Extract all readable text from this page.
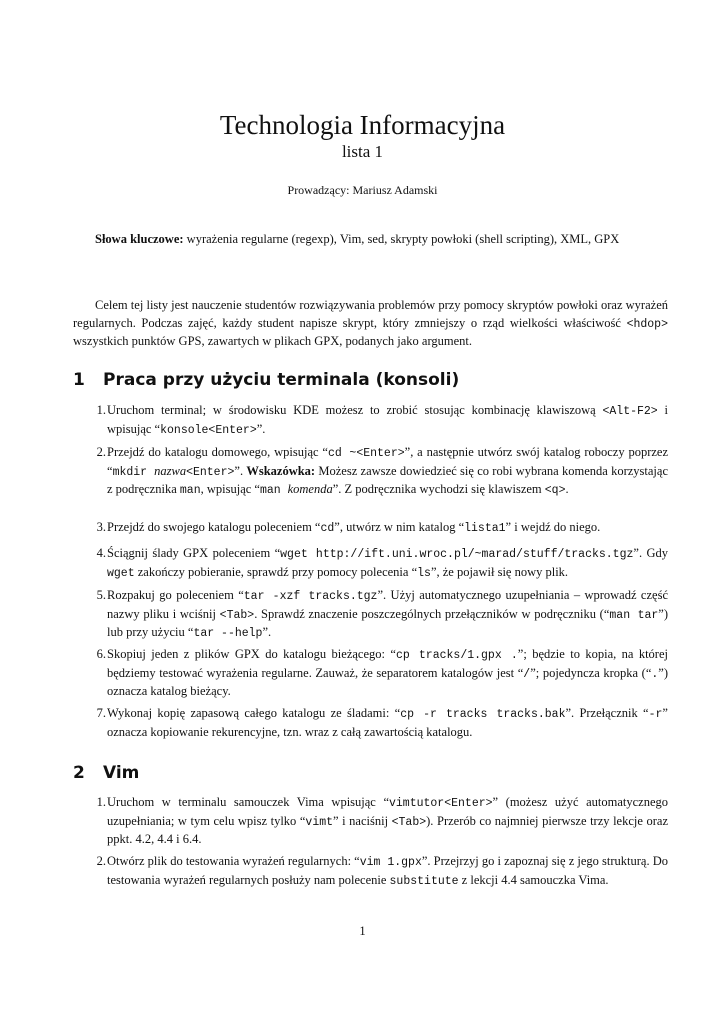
Technologia Informacyjna
lista 1
Prowadzący: Mariusz Adamski

Słowa kluczowe: wyrażenia regularne (regexp), Vim, sed, skrypty powłoki (shell scripting), XML, GPX

Celem tej listy jest nauczenie studentów rozwiązywania problemów przy pomocy skryptów powłoki oraz wyrażeń regularnych. Podczas zajęć, każdy student napisze skrypt, który zmniejszy o rząd wielkości właściwość <hdop> wszystkich punktów GPS, zawartych w plikach GPX, podanych jako argument.

1 Praca przy użyciu terminala (konsoli)
1. Uruchom terminal; w środowisku KDE możesz to zrobić stosując kombinację klawiszową <Alt-F2> i wpisując “konsole<Enter>”.
2. Przejdź do katalogu domowego, wpisując “cd ~<Enter>”, a następnie utwórz swój katalog roboczy poprzez “mkdir nazwa<Enter>”. Wskazówka: Możesz zawsze dowiedzieć się co robi wybrana komenda korzystając z podręcznika man, wpisując “man komenda”. Z podręcznika wychodzi się klawiszem <q>.
3. Przejdź do swojego katalogu poleceniem “cd”, utwórz w nim katalog “lista1” i wejdź do niego.
4. Ściągnij ślady GPX poleceniem “wget http://ift.uni.wroc.pl/~marad/stuff/tracks.tgz”. Gdy wget zakończy pobieranie, sprawdź przy pomocy polecenia “ls”, że pojawił się nowy plik.
5. Rozpakuj go poleceniem “tar -xzf tracks.tgz”. Użyj automatycznego uzupełniania – wprowadź część nazwy pliku i wciśnij <Tab>. Sprawdź znaczenie poszczególnych przełączników w podręczniku (“man tar”) lub przy użyciu “tar --help”.
6. Skopiuj jeden z plików GPX do katalogu bieżącego: “cp tracks/1.gpx .”; będzie to kopia, na której będziemy testować wyrażenia regularne. Zauważ, że separatorem katalogów jest “/”; pojedyncza kropka (“.”) oznacza katalog bieżący.
7. Wykonaj kopię zapasową całego katalogu ze śladami: “cp -r tracks tracks.bak”. Przełącznik “-r” oznacza kopiowanie rekurencyjne, tzn. wraz z całą zawartością katalogu.
2 Vim
1. Uruchom w terminalu samouczek Vima wpisując “vimtutor<Enter>” (możesz użyć automatycznego uzupełniania; w tym celu wpisz tylko “vimt” i naciśnij <Tab>). Przerób co najmniej pierwsze trzy lekcje oraz ppkt. 4.2, 4.4 i 6.4.
2. Otwórz plik do testowania wyrażeń regularnych: “vim 1.gpx”. Przejrzyj go i zapoznaj się z jego strukturą. Do testowania wyrażeń regularnych posłuży nam polecenie substitute z lekcji 4.4 samouczka Vima.
1
